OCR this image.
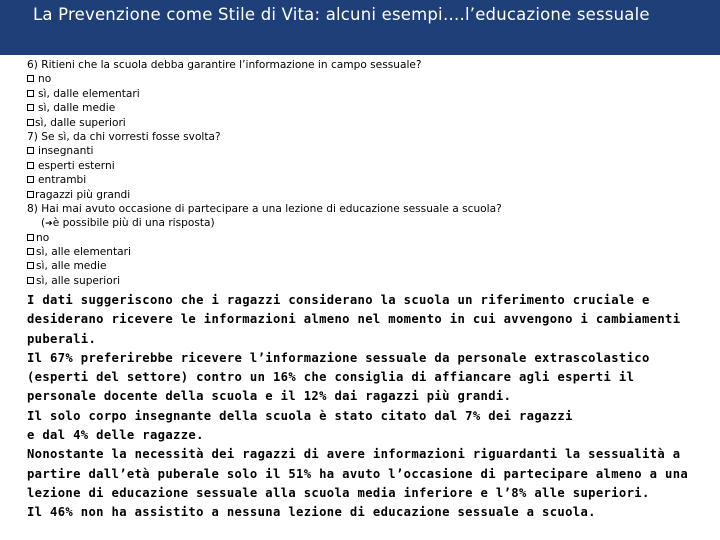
La Prevenzione come Stile di Vita: alcuni esempi….l’educazione sessuale
6) Ritieni che la scuola debba garantire l’informazione in campo sessuale?
no
sì, dalle elementari
sì, dalle medie
sì, dalle superiori
7) Se sì, da chi vorresti fosse svolta?
insegnanti
esperti esterni
entrambi
ragazzi più grandi
8) Hai mai avuto occasione di partecipare a una lezione di educazione sessuale a scuola?
(➔è possibile più di una risposta)
no
sì, alle elementari
sì, alle medie
sì, alle superiori

I dati suggeriscono che i ragazzi considerano la scuola un riferimento cruciale e desiderano ricevere le informazioni almeno nel momento in cui avvengono i cambiamenti puberali.

Il 67% preferirebbe ricevere l’informazione sessuale da personale extrascolastico (esperti del settore) contro un 16% che consiglia di affiancare agli esperti il personale docente della scuola e il 12% dai ragazzi più grandi.

Il solo corpo insegnante della scuola è stato citato dal 7% dei ragazzi

e dal 4% delle ragazze.

Nonostante la necessità dei ragazzi di avere informazioni riguardanti la sessualità a partire dall’età puberale solo il 51% ha avuto l’occasione di partecipare almeno a una lezione di educazione sessuale alla scuola media inferiore e l’8% alle superiori.

Il 46% non ha assistito a nessuna lezione di educazione sessuale a scuola.
